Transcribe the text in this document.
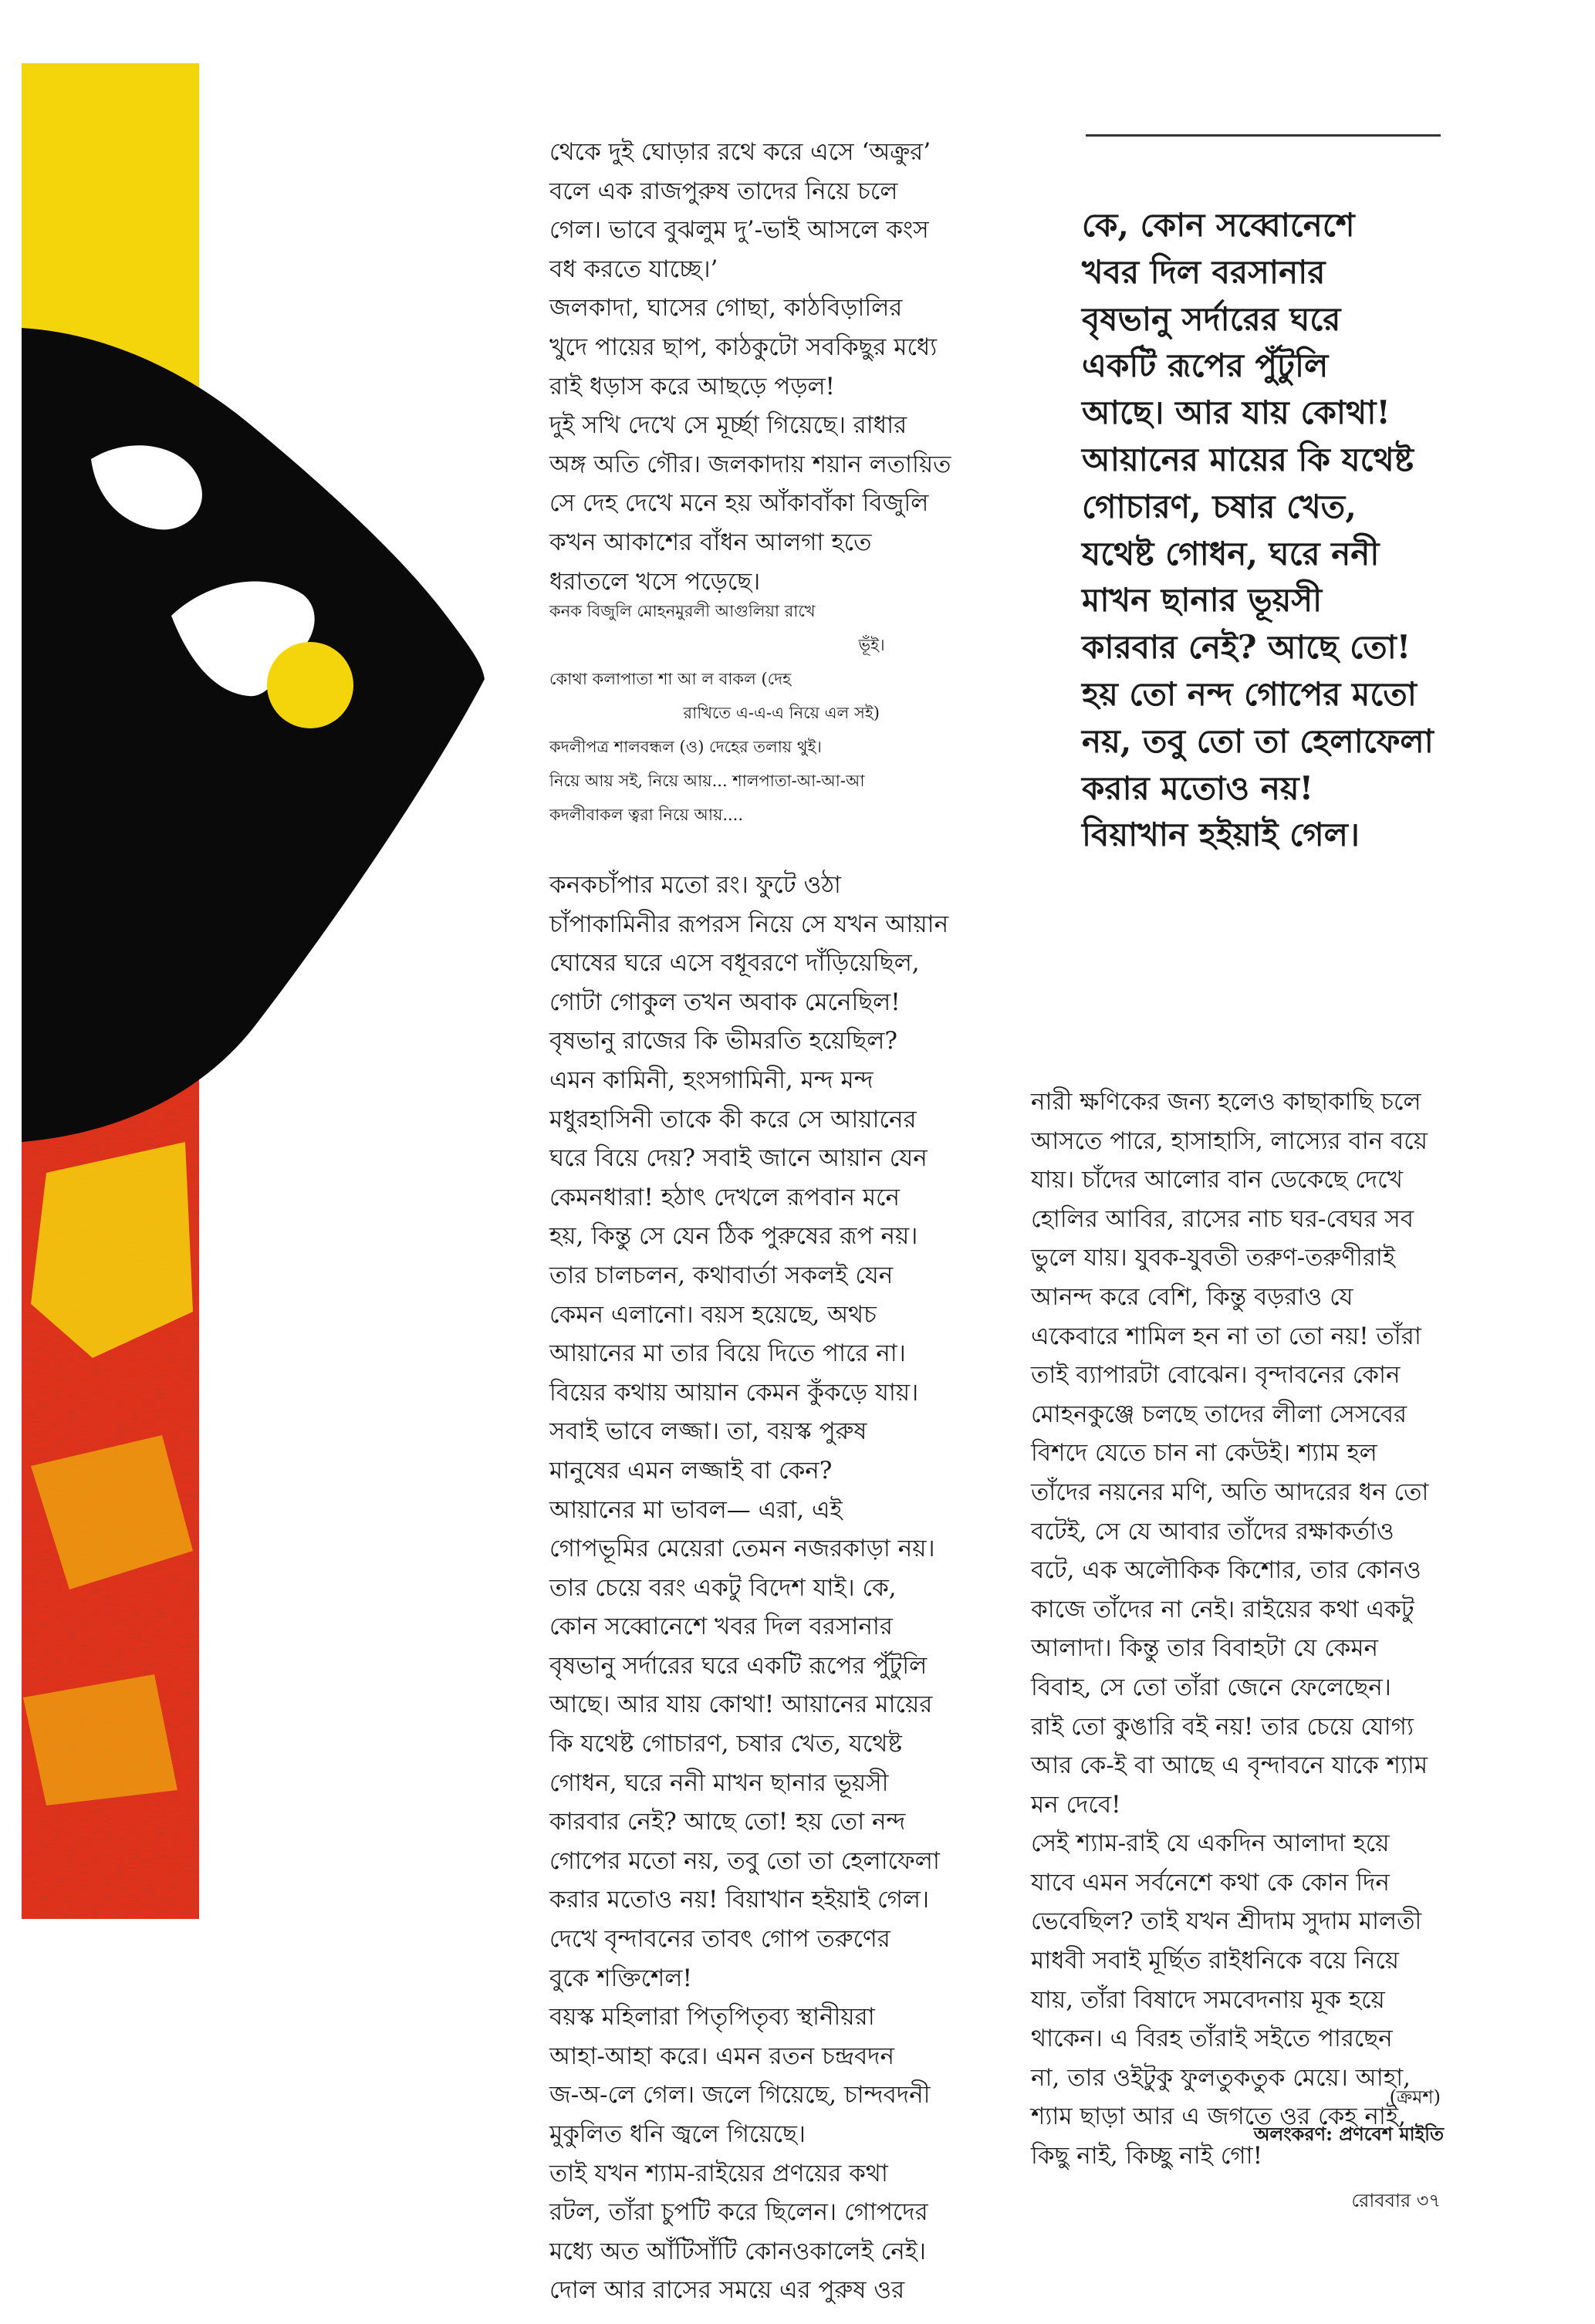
থেকে দুই ঘোড়ার রথে করে এসে ‘অক্রুর’
বলে এক রাজপুরুষ তাদের নিয়ে চলে
গেল। ভাবে বুঝলুম দু’-ভাই আসলে কংস
বধ করতে যাচ্ছে।’
জলকাদা, ঘাসের গোছা, কাঠবিড়ালির
খুদে পায়ের ছাপ, কাঠকুটো সবকিছুর মধ্যে
রাই ধড়াস করে আছড়ে পড়ল!
দুই সখি দেখে সে মূর্চ্ছা গিয়েছে। রাধার
অঙ্গ অতি গৌর। জলকাদায় শয়ান লতায়িত
সে দেহ দেখে মনে হয় আঁকাবাঁকা বিজুলি
কখন আকাশের বাঁধন আলগা হতে
ধরাতলে খসে পড়েছে।
কনক বিজুলি মোহনমুরলী আগুলিয়া রাখে
ভূঁই।
কোথা কলাপাতা শা আ ল বাকল (দেহ
রাখিতে এ-এ-এ নিয়ে এল সই)
কদলীপত্র শালবন্ধল (ও) দেহের তলায় থুই।
নিয়ে আয় সই, নিয়ে আয়... শালপাতা-আ-আ-আ
কদলীবাকল ত্বরা নিয়ে আয়....
কনকচাঁপার মতো রং। ফুটে ওঠা
চাঁপাকামিনীর রূপরস নিয়ে সে যখন আয়ান
ঘোষের ঘরে এসে বধূবরণে দাঁড়িয়েছিল,
গোটা গোকুল তখন অবাক মেনেছিল!
বৃষভানু রাজের কি ভীমরতি হয়েছিল?
এমন কামিনী, হংসগামিনী, মন্দ মন্দ
মধুরহাসিনী তাকে কী করে সে আয়ানের
ঘরে বিয়ে দেয়? সবাই জানে আয়ান যেন
কেমনধারা! হঠাৎ দেখলে রূপবান মনে
হয়, কিন্তু সে যেন ঠিক পুরুষের রূপ নয়।
তার চালচলন, কথাবার্তা সকলই যেন
কেমন এলানো। বয়স হয়েছে, অথচ
আয়ানের মা তার বিয়ে দিতে পারে না।
বিয়ের কথায় আয়ান কেমন কুঁকড়ে যায়।
সবাই ভাবে লজ্জা। তা, বয়স্ক পুরুষ
মানুষের এমন লজ্জাই বা কেন?
আয়ানের মা ভাবল— এরা, এই
গোপভূমির মেয়েরা তেমন নজরকাড়া নয়।
তার চেয়ে বরং একটু বিদেশ যাই। কে,
কোন সব্বোনেশে খবর দিল বরসানার
বৃষভানু সর্দারের ঘরে একটি রূপের পুঁটুলি
আছে। আর যায় কোথা! আয়ানের মায়ের
কি যথেষ্ট গোচারণ, চষার খেত, যথেষ্ট
গোধন, ঘরে ননী মাখন ছানার ভূয়সী
কারবার নেই? আছে তো! হয় তো নন্দ
গোপের মতো নয়, তবু তো তা হেলাফেলা
করার মতোও নয়! বিয়াখান হইয়াই গেল।
দেখে বৃন্দাবনের তাবৎ গোপ তরুণের
বুকে শক্তিশেল!
বয়স্ক মহিলারা পিতৃপিতৃব্য স্থানীয়রা
আহা-আহা করে। এমন রতন চন্দ্রবদন
জ-অ-লে গেল। জলে গিয়েছে, চান্দবদনী
মুকুলিত ধনি জ্বলে গিয়েছে।
তাই যখন শ্যাম-রাইয়ের প্রণয়ের কথা
রটল, তাঁরা চুপটি করে ছিলেন। গোপদের
মধ্যে অত আঁটিসাঁটি কোনওকালেই নেই।
দোল আর রাসের সময়ে এর পুরুষ ওর
কে, কোন সব্বোনেশে
খবর দিল বরসানার
বৃষভানু সর্দারের ঘরে
একটি রূপের পুঁটুলি
আছে। আর যায় কোথা!
আয়ানের মায়ের কি যথেষ্ট
গোচারণ, চষার খেত,
যথেষ্ট গোধন, ঘরে ননী
মাখন ছানার ভূয়সী
কারবার নেই? আছে তো!
হয় তো নন্দ গোপের মতো
নয়, তবু তো তা হেলাফেলা
করার মতোও নয়!
বিয়াখান হইয়াই গেল।
নারী ক্ষণিকের জন্য হলেও কাছাকাছি চলে
আসতে পারে, হাসাহাসি, লাস্যের বান বয়ে
যায়। চাঁদের আলোর বান ডেকেছে দেখে
হোলির আবির, রাসের নাচ ঘর-বেঘর সব
ভুলে যায়। যুবক-যুবতী তরুণ-তরুণীরাই
আনন্দ করে বেশি, কিন্তু বড়রাও যে
একেবারে শামিল হন না তা তো নয়! তাঁরা
তাই ব্যাপারটা বোঝেন। বৃন্দাবনের কোন
মোহনকুঞ্জে চলছে তাদের লীলা সেসবের
বিশদে যেতে চান না কেউই। শ্যাম হল
তাঁদের নয়নের মণি, অতি আদরের ধন তো
বটেই, সে যে আবার তাঁদের রক্ষাকর্তাও
বটে, এক অলৌকিক কিশোর, তার কোনও
কাজে তাঁদের না নেই। রাইয়ের কথা একটু
আলাদা। কিন্তু তার বিবাহটা যে কেমন
বিবাহ, সে তো তাঁরা জেনে ফেলেছেন।
রাই তো কুঙারি বই নয়! তার চেয়ে যোগ্য
আর কে-ই বা আছে এ বৃন্দাবনে যাকে শ্যাম
মন দেবে!
সেই শ্যাম-রাই যে একদিন আলাদা হয়ে
যাবে এমন সর্বনেশে কথা কে কোন দিন
ভেবেছিল? তাই যখন শ্রীদাম সুদাম মালতী
মাধবী সবাই মূর্ছিত রাইধনিকে বয়ে নিয়ে
যায়, তাঁরা বিষাদে সমবেদনায় মূক হয়ে
থাকেন। এ বিরহ তাঁরাই সইতে পারছেন
না, তার ওইটুকু ফুলতুকতুক মেয়ে। আহা,
শ্যাম ছাড়া আর এ জগতে ওর কেহ নাই,
কিছু নাই, কিচ্ছু নাই গো!
(ক্রমশ)
অলংকরণ: প্রণবেশ মাইতি
রোববার ৩৭
